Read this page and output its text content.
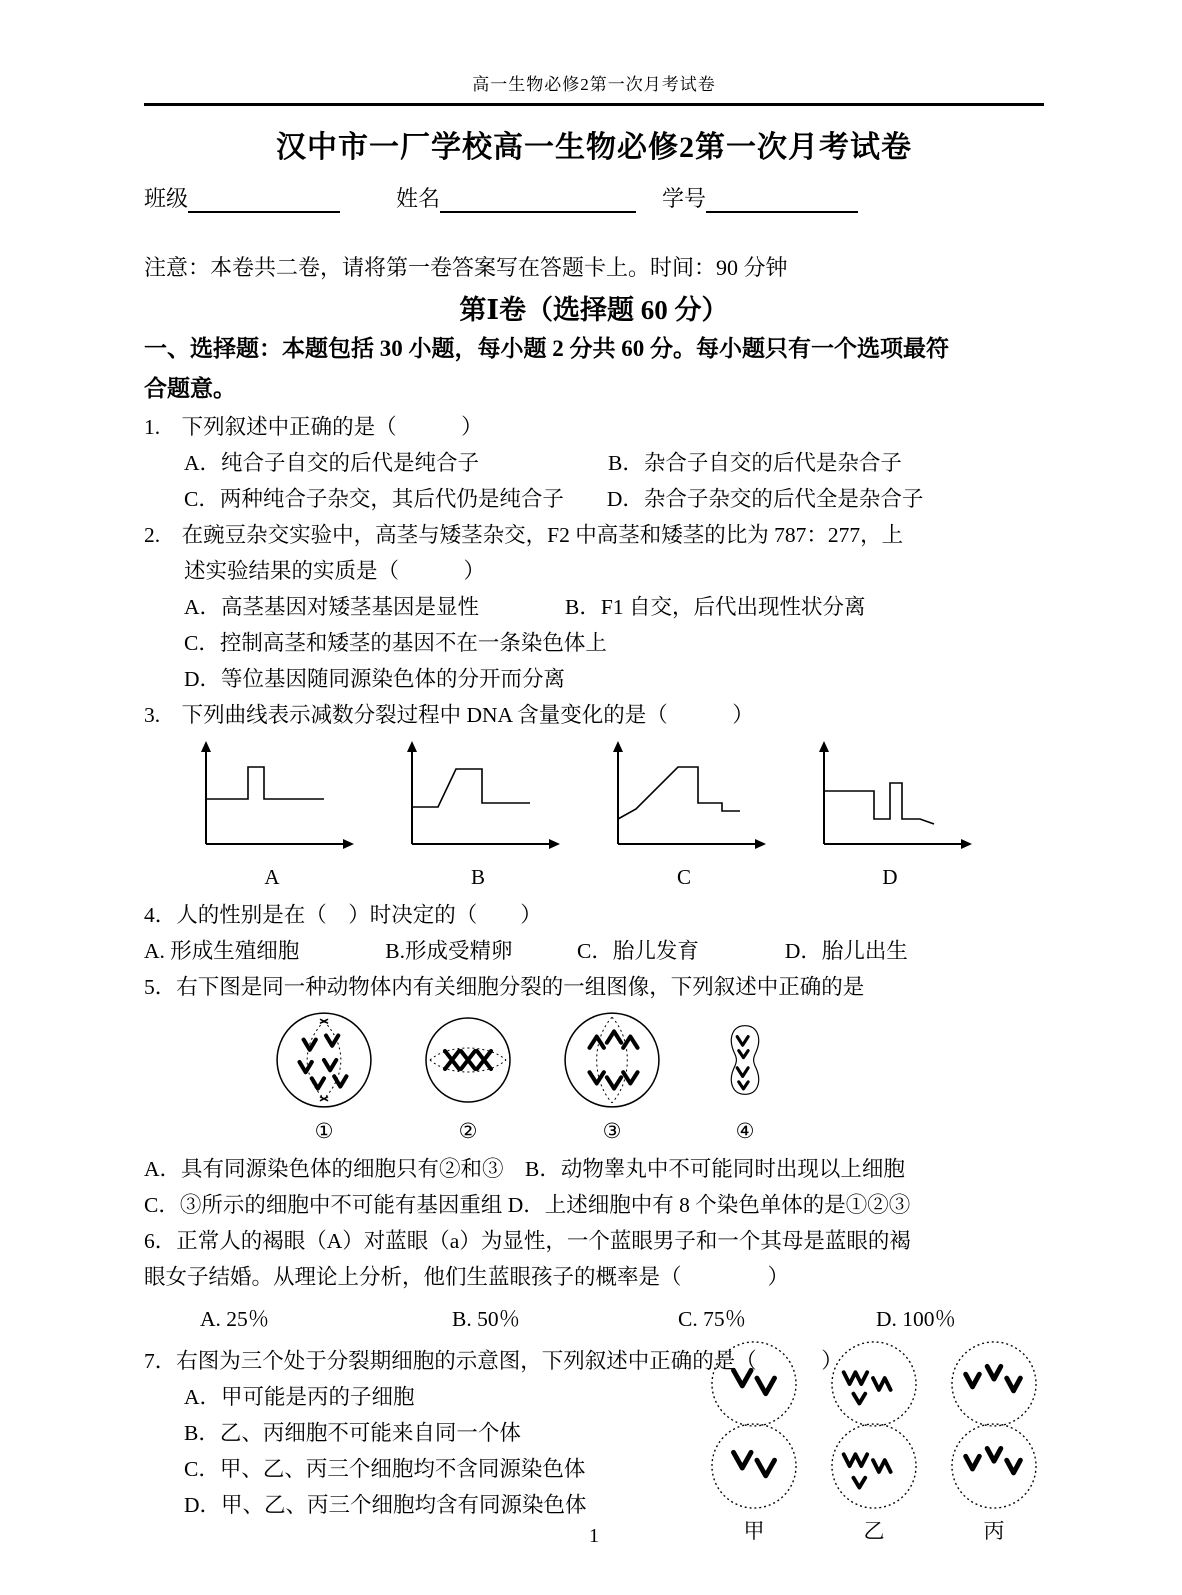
高一生物必修2第一次月考试卷
汉中市一厂学校高一生物必修2第一次月考试卷
班级	姓名	学号
注意：本卷共二卷，请将第一卷答案写在答题卡上。时间：90 分钟
第Ⅰ卷（选择题 60 分）
一、选择题：本题包括 30 小题，每小题 2 分共 60 分。每小题只有一个选项最符
合题意。
1.　下列叙述中正确的是（　　　）
A．纯合子自交的后代是纯合子　　　　　　B．杂合子自交的后代是杂合子
C．两种纯合子杂交，其后代仍是纯合子　　D．杂合子杂交的后代全是杂合子
2.　在豌豆杂交实验中，高茎与矮茎杂交，F2 中高茎和矮茎的比为 787：277，上
述实验结果的实质是（　　　）
A．高茎基因对矮茎基因是显性　　　　B．F1 自交，后代出现性状分离
C．控制高茎和矮茎的基因不在一条染色体上
D．等位基因随同源染色体的分开而分离
3.　下列曲线表示减数分裂过程中 DNA 含量变化的是（　　　）
A	B	C	D
4．人的性别是在（　）时决定的（　　）
A. 形成生殖细胞　　　　B.形成受精卵　　　C．胎儿发育　　　　D．胎儿出生
5．右下图是同一种动物体内有关细胞分裂的一组图像，下列叙述中正确的是
①	②	③	④
A．具有同源染色体的细胞只有②和③　B．动物睾丸中不可能同时出现以上细胞
C．③所示的细胞中不可能有基因重组 D．上述细胞中有 8 个染色单体的是①②③
6．正常人的褐眼（A）对蓝眼（a）为显性，一个蓝眼男子和一个其母是蓝眼的褐
眼女子结婚。从理论上分析，他们生蓝眼孩子的概率是（　　　　）
A. 25％	B. 50％	C. 75％	D. 100％
7．右图为三个处于分裂期细胞的示意图，下列叙述中正确的是（　　　）
A．甲可能是丙的子细胞
B．乙、丙细胞不可能来自同一个体
C．甲、乙、丙三个细胞均不含同源染色体
D．甲、乙、丙三个细胞均含有同源染色体
甲	乙	丙
1
